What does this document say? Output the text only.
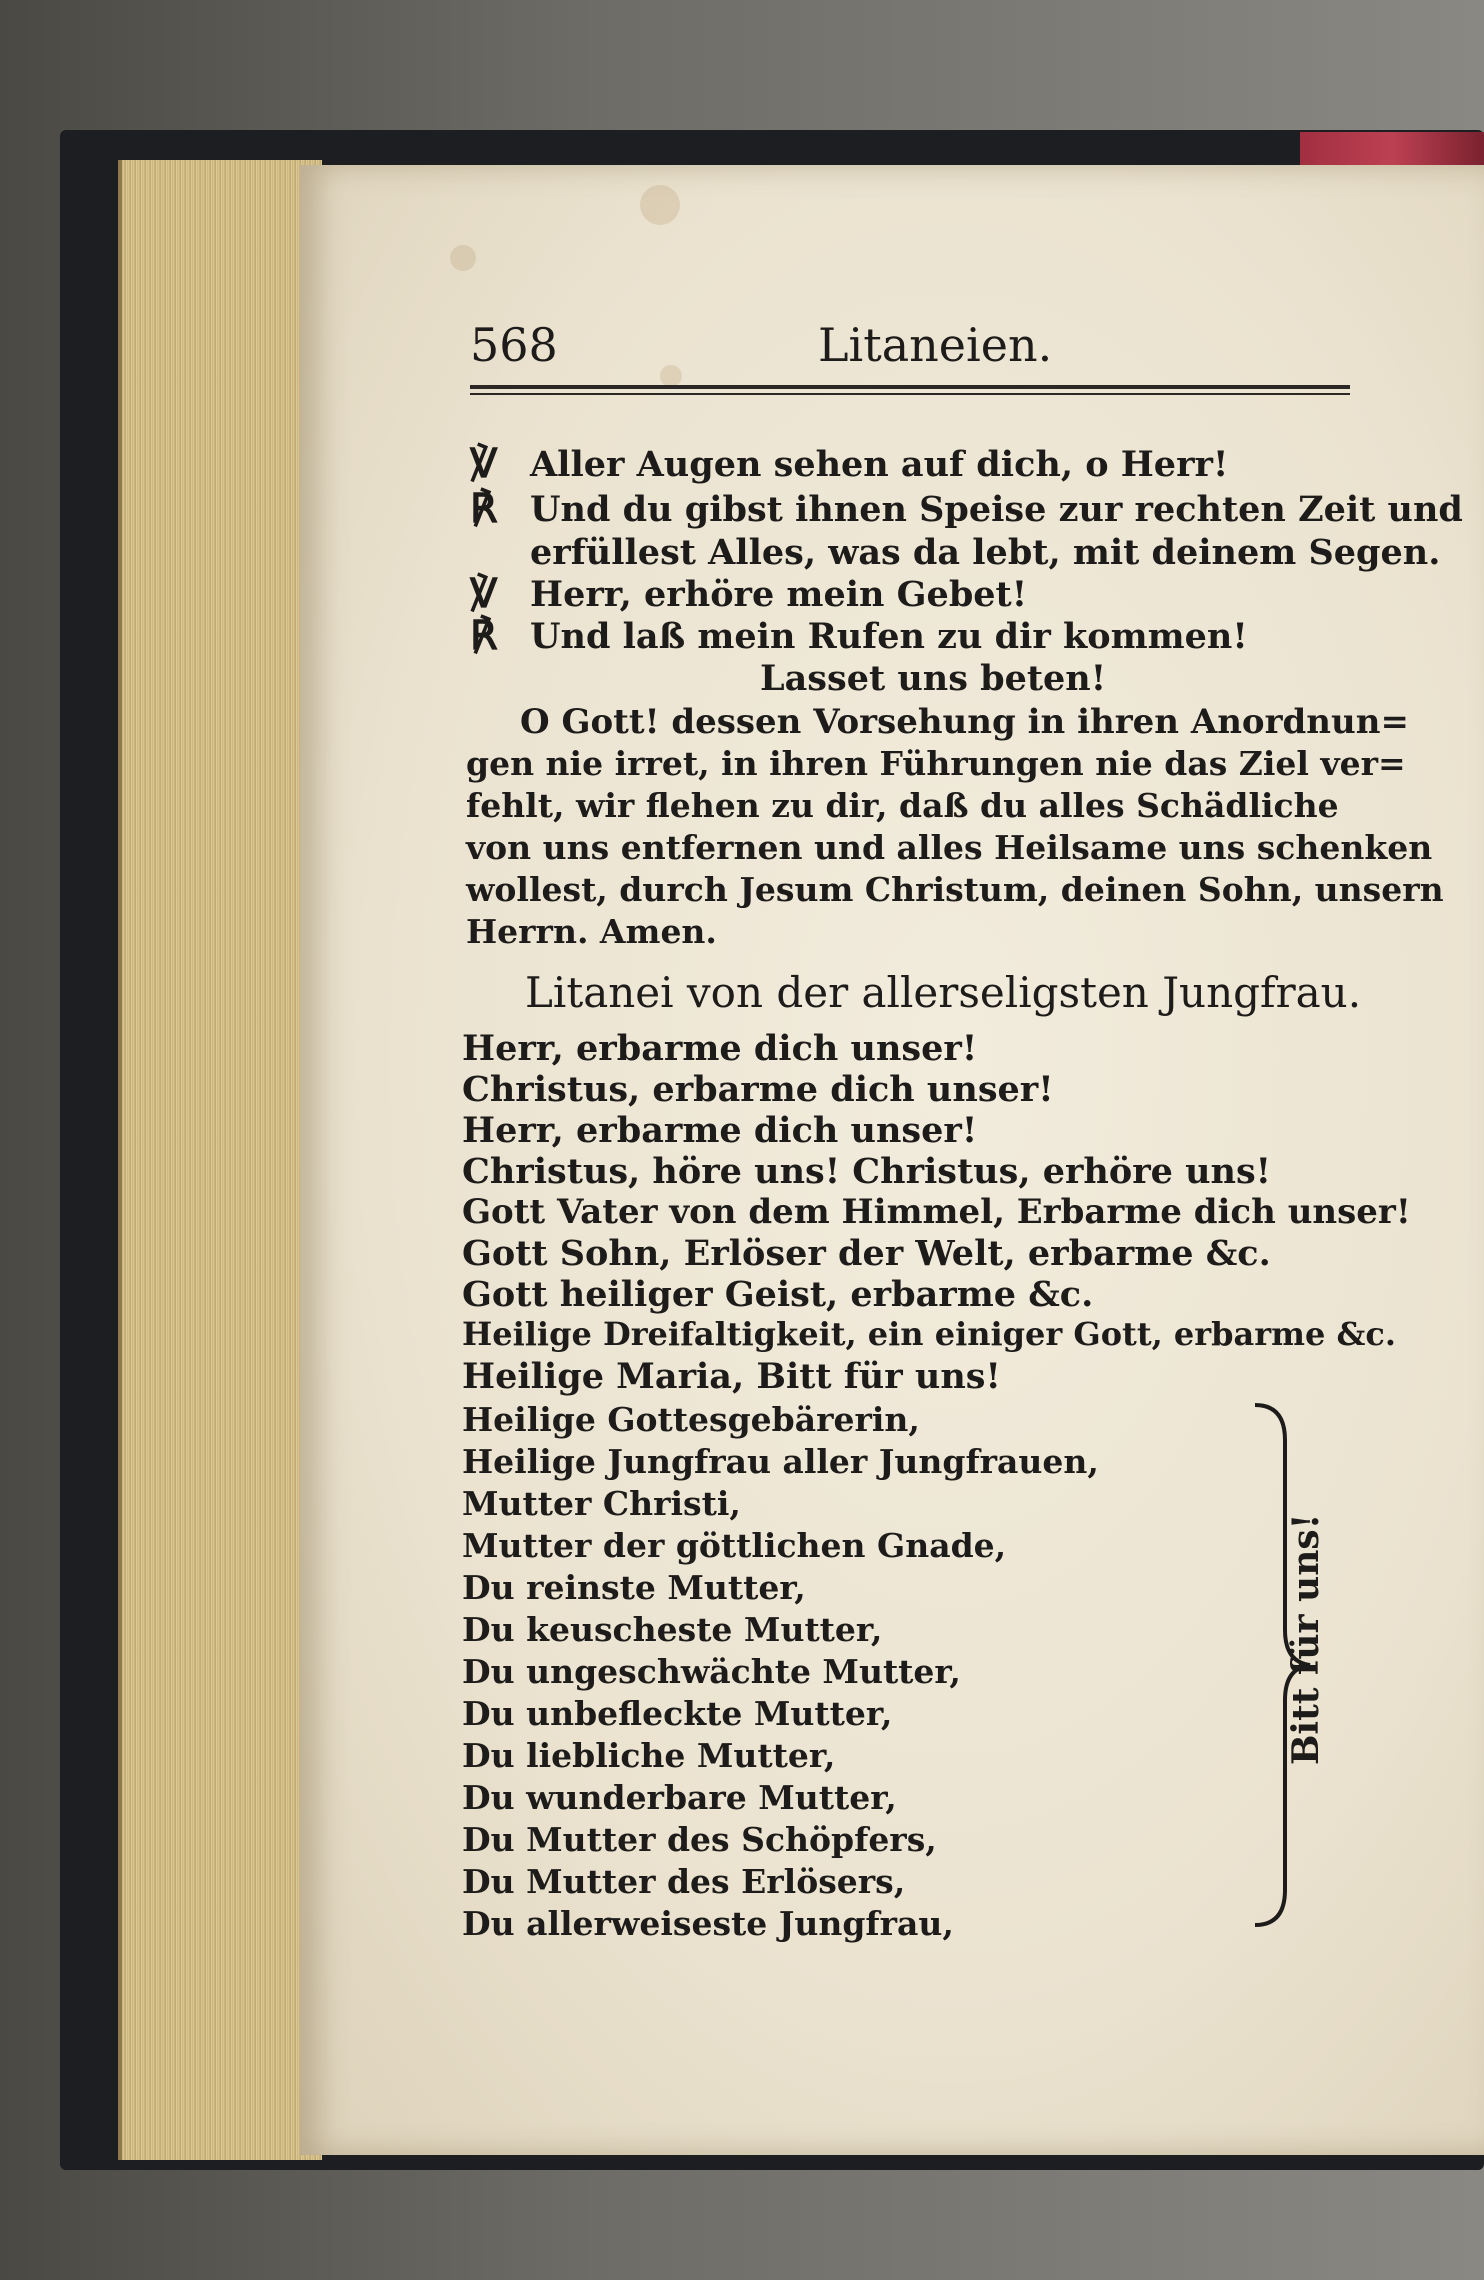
568	Litaneien.
℣ Aller Augen sehen auf dich, o Herr!
℟ Und du gibst ihnen Speise zur rechten Zeit und
erfüllest Alles, was da lebt, mit deinem Segen.
℣ Herr, erhöre mein Gebet!
℟ Und laß mein Rufen zu dir kommen!
Lasset uns beten!
O Gott! dessen Vorsehung in ihren Anordnun=
gen nie irret, in ihren Führungen nie das Ziel ver=
fehlt, wir flehen zu dir, daß du alles Schädliche
von uns entfernen und alles Heilsame uns schenken
wollest, durch Jesum Christum, deinen Sohn, unsern
Herrn. Amen.
Litanei von der allerseligsten Jungfrau.
Herr, erbarme dich unser!
Christus, erbarme dich unser!
Herr, erbarme dich unser!
Christus, höre uns! Christus, erhöre uns!
Gott Vater von dem Himmel, Erbarme dich unser!
Gott Sohn, Erlöser der Welt, erbarme &c.
Gott heiliger Geist, erbarme &c.
Heilige Dreifaltigkeit, ein einiger Gott, erbarme &c.
Heilige Maria, Bitt für uns!
Heilige Gottesgebärerin,
Heilige Jungfrau aller Jungfrauen,
Mutter Christi,
Mutter der göttlichen Gnade,
Du reinste Mutter,
Du keuscheste Mutter,
Du ungeschwächte Mutter,
Du unbefleckte Mutter,
Du liebliche Mutter,
Du wunderbare Mutter,
Du Mutter des Schöpfers,
Du Mutter des Erlösers,
Du allerweiseste Jungfrau,
Bitt für uns!
